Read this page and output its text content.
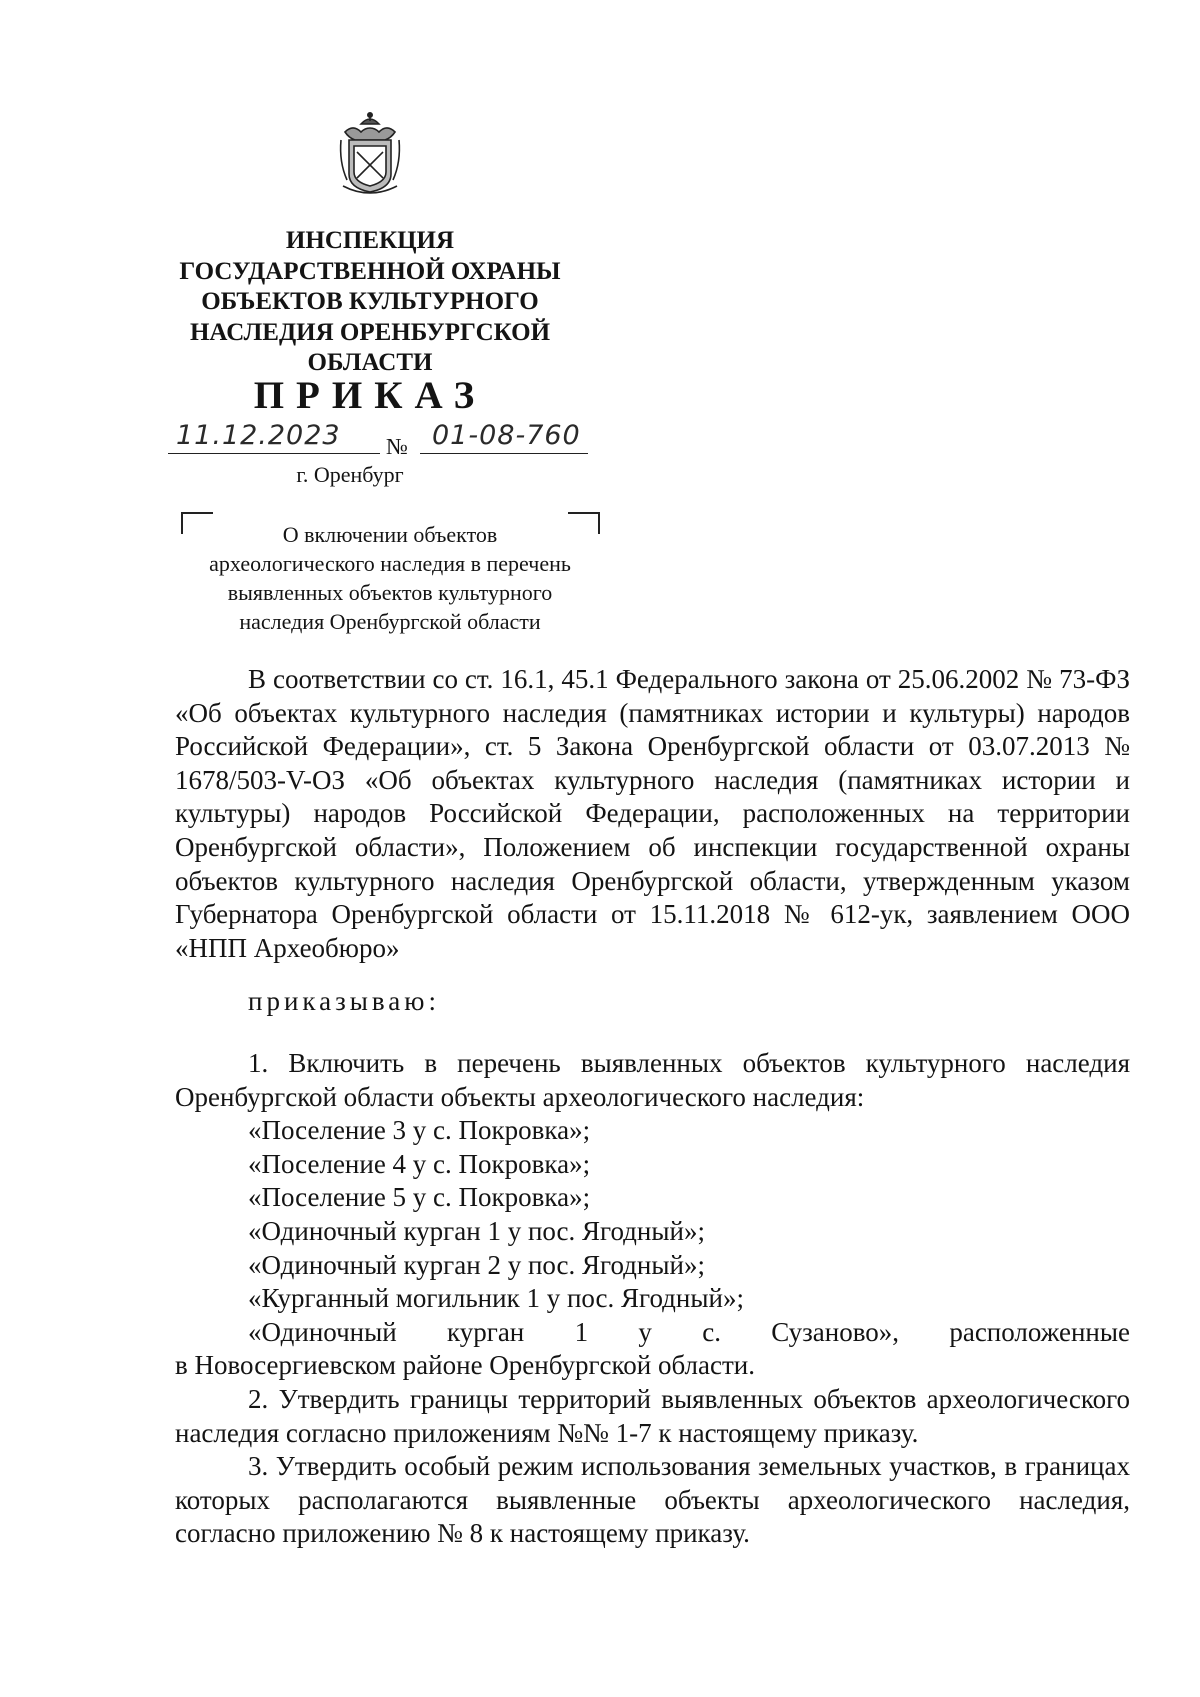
ИНСПЕКЦИЯ
ГОСУДАРСТВЕННОЙ ОХРАНЫ
ОБЪЕКТОВ КУЛЬТУРНОГО
НАСЛЕДИЯ ОРЕНБУРГСКОЙ
ОБЛАСТИ
ПРИКАЗ
11.12.2023 № 01-08-760
г. Оренбург
О включении объектов
археологического наследия в перечень
выявленных объектов культурного
наследия Оренбургской области
В соответствии со ст. 16.1, 45.1 Федерального закона от 25.06.2002 № 73-ФЗ «Об объектах культурного наследия (памятниках истории и культуры) народов Российской Федерации», ст. 5 Закона Оренбургской области от 03.07.2013 № 1678/503-V-ОЗ «Об объектах культурного наследия (памятниках истории и культуры) народов Российской Федерации, расположенных на территории Оренбургской области», Положением об инспекции государственной охраны объектов культурного наследия Оренбургской области, утвержденным указом Губернатора Оренбургской области от 15.11.2018 № 612-ук, заявлением ООО «НПП Археобюро»
приказываю:
1. Включить в перечень выявленных объектов культурного наследия Оренбургской области объекты археологического наследия:
«Поселение 3 у с. Покровка»;
«Поселение 4 у с. Покровка»;
«Поселение 5 у с. Покровка»;
«Одиночный курган 1 у пос. Ягодный»;
«Одиночный курган 2 у пос. Ягодный»;
«Курганный могильник 1 у пос. Ягодный»;
«Одиночный курган 1 у с. Сузаново», расположенные
в Новосергиевском районе Оренбургской области.
2. Утвердить границы территорий выявленных объектов археологического наследия согласно приложениям №№ 1-7 к настоящему приказу.
3. Утвердить особый режим использования земельных участков, в границах которых располагаются выявленные объекты археологического наследия, согласно приложению № 8 к настоящему приказу.
